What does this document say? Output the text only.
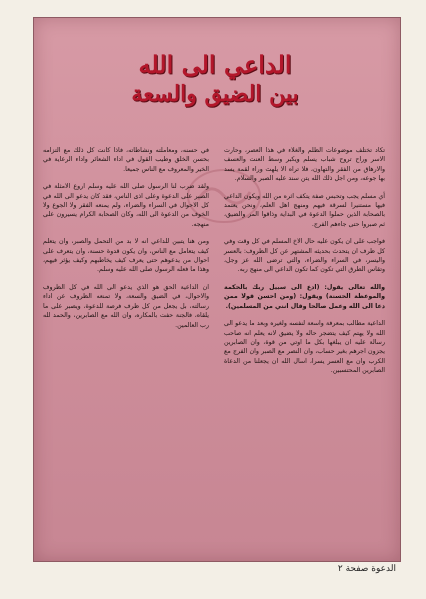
الداعي الى الله
بين الضيق والسعة

تكاد تختلف موضوعات الظلم والغلاء في هذا العصر، وحارت الاسر وراح تروح شباب يسلم ويكبر وسط العنت والعسف والارهاق من الفقر والتهاون، فلا تراه الا يلهث وراء لقمة يسد بها جوعه، ومن اجل ذلك الله يتن سند عليه الصبر والسلام.

أي مسلم يجب وتحبس صفة يتكف اثره من الله ويكون الداعي فيها مستنيرا لسرقة فيهم ومنهج اهل العلم، ونحن يعتمد بالصحابة الذين حملوا الدعوة في البداية وذاقوا المر والضيق، ثم صبروا حتى جاءهم الفرج.

فواجب على ان يكون عليه حال الاخ المسلم في كل وقت وفي كل ظرف ان يتحدث بحديثه المشتهر عن كل الظروف: بالعسر واليسر، في السراء والضراء، والتي ترضى الله عز وجل، وتقاس الطرق التي تكون كما تكون الداعي الى منهج ربه.

والله تعالى يقول: (ادع الى سبيل ربك بالحكمة والموعظة الحسنة) ويقول: (ومن احسن قولا ممن دعا الى الله وعمل صالحا وقال انني من المسلمين).

الداعية مطالب بمعرفة واسعة لنفسه ولغيره وبعد ما يدعو الى الله ولا يهتم كيف يتضجر حاله ولا يضيق لانه يعلم انه صاحب رسالة عليه ان يبلغها بكل ما اوتي من قوة، وان الصابرين يجزون اجرهم بغير حساب، وان النصر مع الصبر وان الفرج مع الكرب وان مع العسر يسرا، اسال الله ان يجعلنا من الدعاة الصابرين المحتسبين.

في حسنه، ومعاملته ونشاطاته، فاذا كانت كل ذلك مع التزامه بحسن الخلق وطيب القول في اداء الشعائر واداء الرعاية في الخير والمعروف مع الناس جميعا.

ولقد ضرب لنا الرسول صلى الله عليه وسلم اروع الامثلة في الصبر على الدعوة وعلى اذى الناس، فقد كان يدعو الى الله في كل الاحوال في السراء والضراء، ولم يمنعه الفقر ولا الجوع ولا الخوف من الدعوة الى الله، وكان الصحابة الكرام يسيرون على منهجه.

ومن هنا يتبين للداعي انه لا بد من التحمل والصبر، وان يتعلم كيف يتعامل مع الناس، وان يكون قدوة حسنة، وان يتعرف على احوال من يدعوهم حتى يعرف كيف يخاطبهم وكيف يؤثر فيهم، وهذا ما فعله الرسول صلى الله عليه وسلم.

ان الداعية الحق هو الذي يدعو الى الله في كل الظروف والاحوال، في الضيق والسعة، ولا تمنعه الظروف عن اداء رسالته، بل يجعل من كل ظرف فرصة للدعوة، ويصبر على ما يلقاه، فالجنة حفت بالمكاره، وان الله مع الصابرين، والحمد لله رب العالمين.

الدعوة صفحة ٢
